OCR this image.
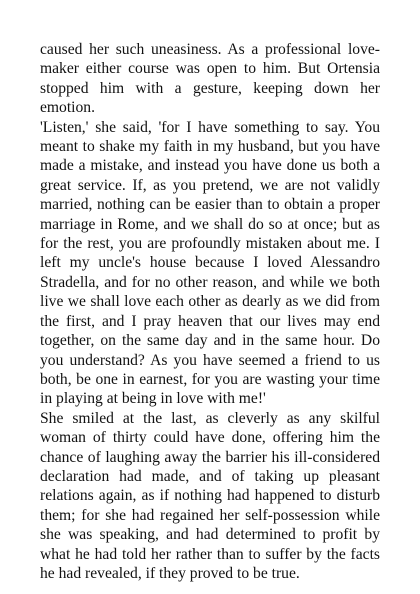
caused her such uneasiness. As a professional love-maker either course was open to him. But Ortensia stopped him with a gesture, keeping down her emotion.

'Listen,' she said, 'for I have something to say. You meant to shake my faith in my husband, but you have made a mistake, and instead you have done us both a great service. If, as you pretend, we are not validly married, nothing can be easier than to obtain a proper marriage in Rome, and we shall do so at once; but as for the rest, you are profoundly mistaken about me. I left my uncle's house because I loved Alessandro Stradella, and for no other reason, and while we both live we shall love each other as dearly as we did from the first, and I pray heaven that our lives may end together, on the same day and in the same hour. Do you understand? As you have seemed a friend to us both, be one in earnest, for you are wasting your time in playing at being in love with me!'

She smiled at the last, as cleverly as any skilful woman of thirty could have done, offering him the chance of laughing away the barrier his ill-considered declaration had made, and of taking up pleasant relations again, as if nothing had happened to disturb them; for she had regained her self-possession while she was speaking, and had determined to profit by what he had told her rather than to suffer by the facts he had revealed, if they proved to be true.
